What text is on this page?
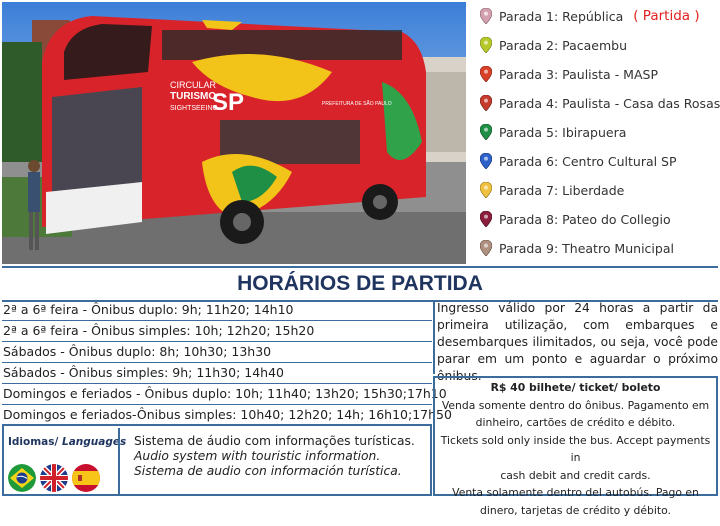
CIRCULAR
TURISMO
SIGHTSEEING
SP	PREFEITURA DE SÃO PAULO
Parada 1: República ( Partida )
Parada 2: Pacaembu
Parada 3: Paulista - MASP
Parada 4: Paulista - Casa das Rosas
Parada 5: Ibirapuera
Parada 6: Centro Cultural SP
Parada 7: Liberdade
Parada 8: Pateo do Collegio
Parada 9: Theatro Municipal
HORÁRIOS DE PARTIDA
2ª a 6ª feira - Ônibus duplo: 9h; 11h20; 14h10
2ª a 6ª feira - Ônibus simples: 10h; 12h20; 15h20
Sábados - Ônibus duplo: 8h; 10h30; 13h30
Sábados - Ônibus simples: 9h; 11h30; 14h40
Domingos e feriados - Ônibus duplo: 10h; 11h40; 13h20; 15h30;17h10
Domingos e feriados-Ônibus simples: 10h40; 12h20; 14h; 16h10;17h50
Ingresso válido por 24 horas a partir da primeira utilização, com embarques e desembarques ilimitados, ou seja, você pode parar em um ponto e aguardar o próximo ônibus.
R$ 40 bilhete/ ticket/ boleto
Venda somente dentro do ônibus. Pagamento em
dinheiro, cartões de crédito e débito.
Tickets sold only inside the bus. Accept payments in
cash debit and credit cards.
Venta solamente dentro del autobús. Pago en
dinero, tarjetas de crédito y débito.
Idiomas/ Languages Sistema de áudio com informações turísticas.
Audio system with touristic information.
Sistema de audio con información turística.
